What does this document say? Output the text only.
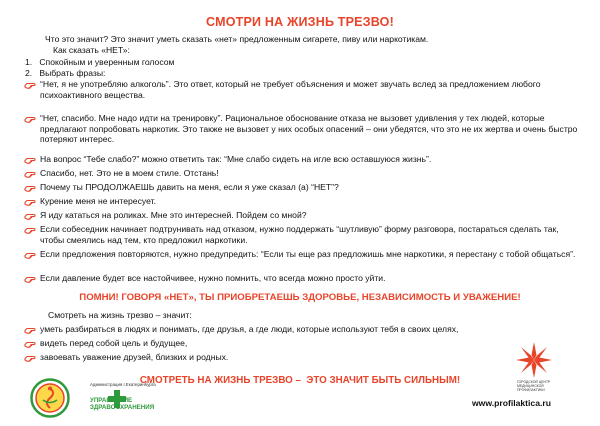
СМОТРИ НА ЖИЗНЬ ТРЕЗВО!
Что это значит? Это значит уметь сказать «нет» предложенным сигарете, пиву или наркотикам.
Как сказать «НЕТ»:
1. Спокойным и уверенным голосом
2. Выбрать фразы:
“Нет, я не употребляю алкоголь”. Это ответ, который не требует объяснения и может звучать вслед за предложением любого психоактивного вещества.
“Нет, спасибо. Мне надо идти на тренировку”. Рациональное обоснование отказа не вызовет удивления у тех людей, которые предлагают попробовать наркотик. Это также не вызовет у них особых опасений – они убедятся, что это не их жертва и очень быстро потеряют интерес.
На вопрос “Тебе слабо?” можно ответить так: “Мне слабо сидеть на игле всю оставшуюся жизнь”.
Спасибо, нет. Это не в моем стиле. Отстань!
Почему ты ПРОДОЛЖАЕШЬ давить на меня, если я уже сказал (а) “НЕТ”?
Курение меня не интересует.
Я иду кататься на роликах. Мне это интересней. Пойдем со мной?
Если собеседник начинает подтрунивать над отказом, нужно поддержать “шутливую” форму разговора, постараться сделать так, чтобы смеялись над тем, кто предложил наркотики.
Если предложения повторяются, нужно предупредить: “Если ты еще раз предложишь мне наркотики, я перестану с тобой общаться”.
Если давление будет все настойчивее, нужно помнить, что всегда можно просто уйти.
ПОМНИ! ГОВОРЯ «НЕТ», ТЫ ПРИОБРЕТАЕШЬ ЗДОРОВЬЕ, НЕЗАВИСИМОСТЬ И УВАЖЕНИЕ!
Смотреть на жизнь трезво – значит:
уметь разбираться в людях и понимать, где друзья, а где люди, которые используют тебя в своих целях,
видеть перед собой цель и будущее,
завоевать уважение друзей, близких и родных.
СМОТРЕТЬ НА ЖИЗНЬ ТРЕЗВО –  ЭТО ЗНАЧИТ БЫТЬ СИЛЬНЫМ!
Администрация г.Екатеринбурга
УПРАВЛЕНИЕ
ЗДРАВООХРАНЕНИЯ
ГОРОДСКОЙ ЦЕНТР МЕДИЦИНСКОЙ ПРОФИЛАКТИКИ
www.profilaktica.ru
